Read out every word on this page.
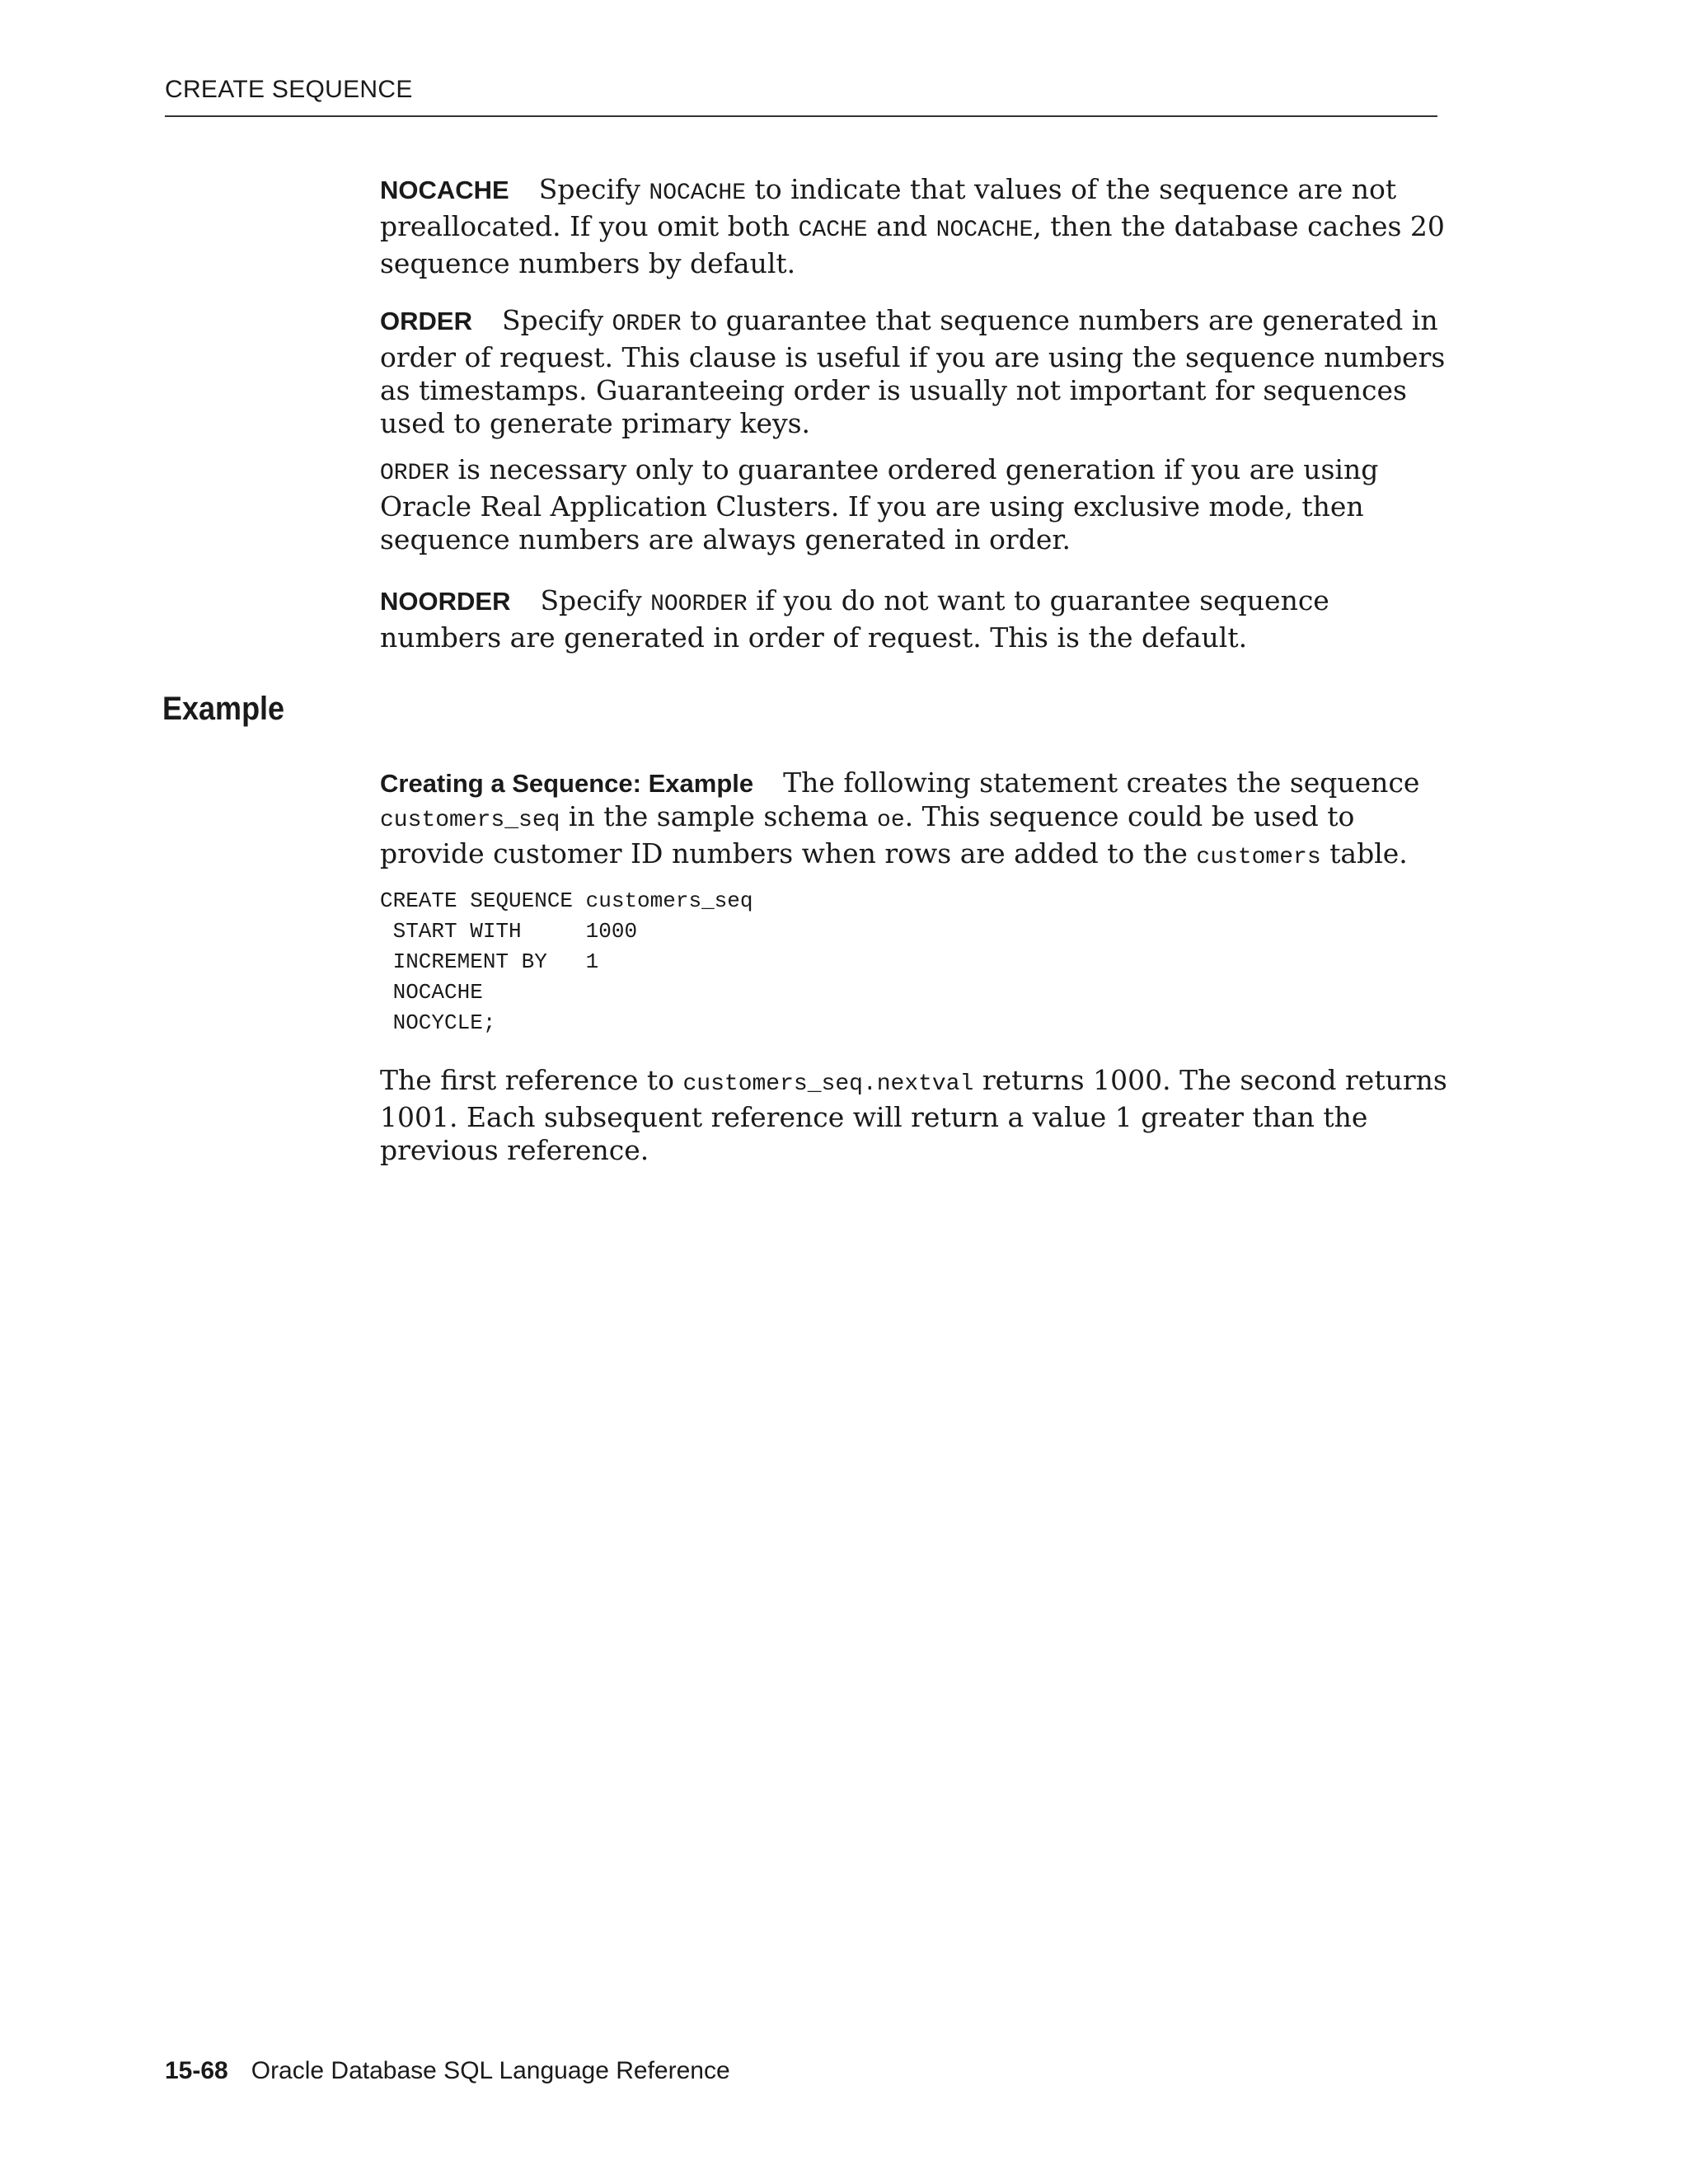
CREATE SEQUENCE

NOCACHE Specify NOCACHE to indicate that values of the sequence are not preallocated. If you omit both CACHE and NOCACHE, then the database caches 20 sequence numbers by default.

ORDER Specify ORDER to guarantee that sequence numbers are generated in order of request. This clause is useful if you are using the sequence numbers as timestamps. Guaranteeing order is usually not important for sequences used to generate primary keys.

ORDER is necessary only to guarantee ordered generation if you are using Oracle Real Application Clusters. If you are using exclusive mode, then sequence numbers are always generated in order.

NOORDER Specify NOORDER if you do not want to guarantee sequence numbers are generated in order of request. This is the default.

Example

Creating a Sequence: Example The following statement creates the sequence customers_seq in the sample schema oe. This sequence could be used to provide customer ID numbers when rows are added to the customers table.

CREATE SEQUENCE customers_seq
START WITH     1000
INCREMENT BY   1
NOCACHE
NOCYCLE;

The first reference to customers_seq.nextval returns 1000. The second returns 1001. Each subsequent reference will return a value 1 greater than the previous reference.

15-68 Oracle Database SQL Language Reference
